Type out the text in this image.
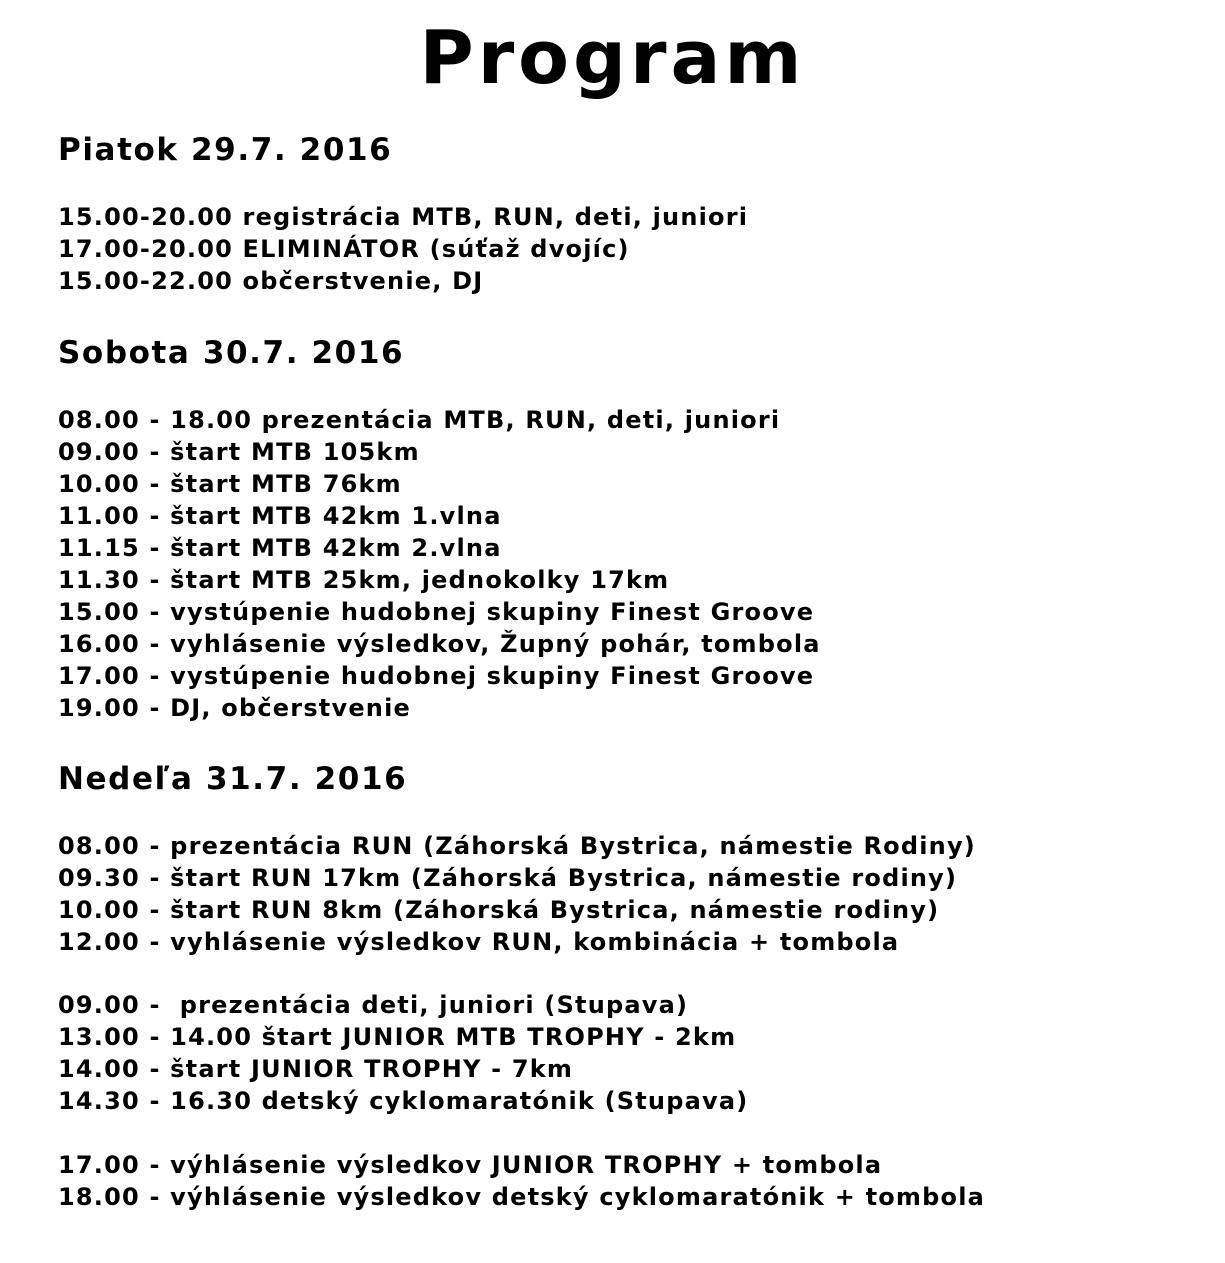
Program
Piatok 29.7. 2016
15.00-20.00 registrácia MTB, RUN, deti, juniori
17.00-20.00 ELIMINÁTOR (súťaž dvojíc)
15.00-22.00 občerstvenie, DJ
Sobota 30.7. 2016
08.00 - 18.00 prezentácia MTB, RUN, deti, juniori
09.00 - štart MTB 105km
10.00 - štart MTB 76km
11.00 - štart MTB 42km 1.vlna
11.15 - štart MTB 42km 2.vlna
11.30 - štart MTB 25km, jednokolky 17km
15.00 - vystúpenie hudobnej skupiny Finest Groove
16.00 - vyhlásenie výsledkov, Župný pohár, tombola
17.00 - vystúpenie hudobnej skupiny Finest Groove
19.00 - DJ, občerstvenie
Nedeľa 31.7. 2016
08.00 - prezentácia RUN (Záhorská Bystrica, námestie Rodiny)
09.30 - štart RUN 17km (Záhorská Bystrica, námestie rodiny)
10.00 - štart RUN 8km (Záhorská Bystrica, námestie rodiny)
12.00 - vyhlásenie výsledkov RUN, kombinácia + tombola
09.00 -  prezentácia deti, juniori (Stupava)
13.00 - 14.00 štart JUNIOR MTB TROPHY - 2km
14.00 - štart JUNIOR TROPHY - 7km
14.30 - 16.30 detský cyklomaratónik (Stupava)
17.00 - výhlásenie výsledkov JUNIOR TROPHY + tombola
18.00 - výhlásenie výsledkov detský cyklomaratónik + tombola
